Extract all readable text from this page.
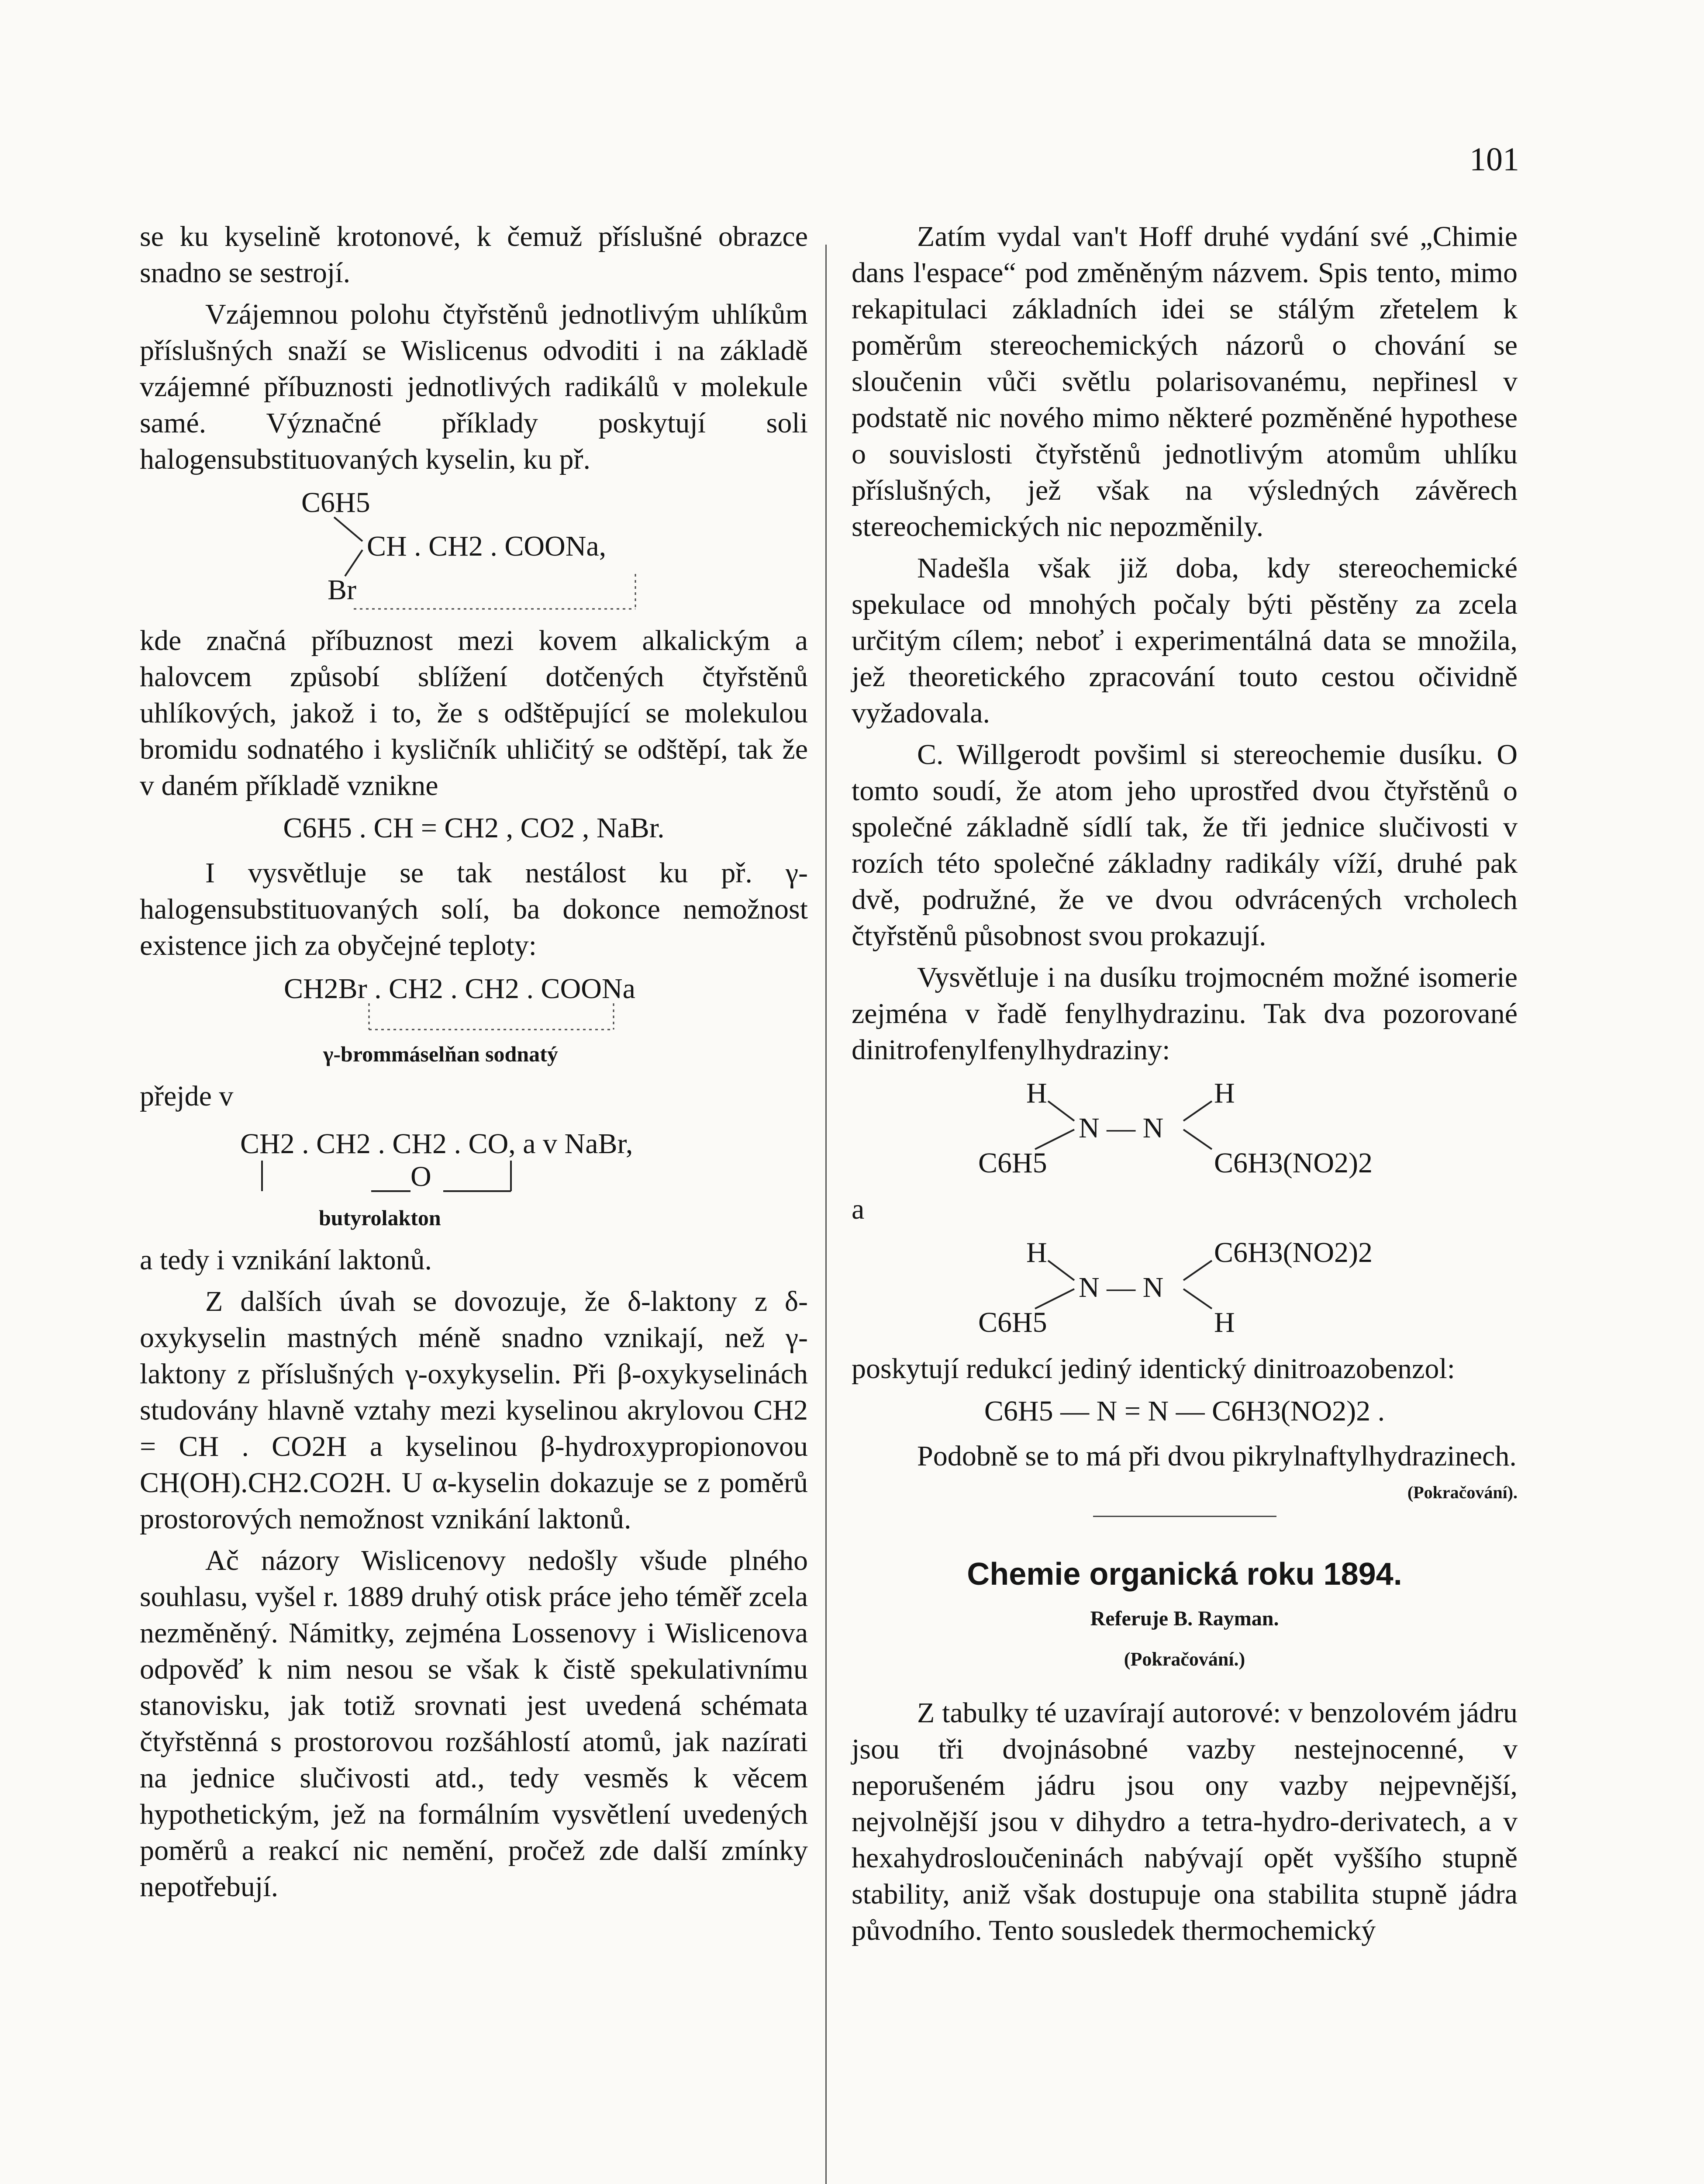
101

se ku kyselině krotonové, k čemuž příslušné obrazce snadno se sestrojí.

Vzájemnou polohu čtyřstěnů jednotlivým uhlíkům příslušných snaží se Wislicenus odvoditi i na základě vzájemné příbuznosti jednotlivých radikálů v molekule samé. Význačné příklady poskytují soli halogensubstituovaných kyselin, ku př.

C6H5
CH . CH2 . COONa,
Br

kde značná příbuznost mezi kovem alkalickým a halovcem způsobí sblížení dotčených čtyřstěnů uhlíkových, jakož i to, že s odštěpující se molekulou bromidu sodnatého i kysličník uhličitý se odštěpí, tak že v daném příkladě vznikne

C6H5 . CH = CH2 , CO2 , NaBr.

I vysvětluje se tak nestálost ku př. γ-halogensubstituovaných solí, ba dokonce nemožnost existence jich za obyčejné teploty:

CH2Br . CH2 . CH2 . COONa
γ-brommáselňan sodnatý

přejde v

CH2 . CH2 . CH2 . CO, a v NaBr,
O
butyrolakton

a tedy i vznikání laktonů.

Z dalších úvah se dovozuje, že δ-laktony z δ-oxykyselin mastných méně snadno vznikají, než γ-laktony z příslušných γ-oxykyselin. Při β-oxykyselinách studovány hlavně vztahy mezi kyselinou akrylovou CH2 = CH . CO2H a kyselinou β-hydroxypropionovou CH(OH).CH2.CO2H. U α-kyselin dokazuje se z poměrů prostorových nemožnost vznikání laktonů.

Ač názory Wislicenovy nedošly všude plného souhlasu, vyšel r. 1889 druhý otisk práce jeho téměř zcela nezměněný. Námitky, zejména Lossenovy i Wislicenova odpověď k nim nesou se však k čistě spekulativnímu stanovisku, jak totiž srovnati jest uvedená schémata čtyřstěnná s prostorovou rozšáhlostí atomů, jak nazírati na jednice slučivosti atd., tedy vesměs k věcem hypothetickým, jež na formálním vysvětlení uvedených poměrů a reakcí nic nemění, pročež zde další zmínky nepotřebují.

Zatím vydal van't Hoff druhé vydání své „Chimie dans l'espace“ pod změněným názvem. Spis tento, mimo rekapitulaci základních idei se stálým zřetelem k poměrům stereochemických názorů o chování se sloučenin vůči světlu polarisovanému, nepřinesl v podstatě nic nového mimo některé pozměněné hypothese o souvislosti čtyřstěnů jednotlivým atomům uhlíku příslušných, jež však na výsledných závěrech stereochemických nic nepozměnily.

Nadešla však již doba, kdy stereochemické spekulace od mnohých počaly býti pěstěny za zcela určitým cílem; neboť i experimentálná data se množila, jež theoretického zpracování touto cestou očividně vyžadovala.

C. Willgerodt povšiml si stereochemie dusíku. O tomto soudí, že atom jeho uprostřed dvou čtyřstěnů o společné základně sídlí tak, že tři jednice slučivosti v rozích této společné základny radikály víží, druhé pak dvě, podružné, že ve dvou odvrácených vrcholech čtyřstěnů působnost svou prokazují.

Vysvětluje i na dusíku trojmocném možné isomerie zejména v řadě fenylhydrazinu. Tak dva pozorované dinitrofenylfenylhydraziny:

H	H
N — N
C6H5	C6H3(NO2)2

a

H	C6H3(NO2)2
N — N
C6H5	H

poskytují redukcí jediný identický dinitroazobenzol:

C6H5 — N = N — C6H3(NO2)2 .

Podobně se to má při dvou pikrylnaftylhydrazinech.
(Pokračování).

Chemie organická roku 1894.
Referuje B. Rayman.
(Pokračování.)

Z tabulky té uzavírají autorové: v benzolovém jádru jsou tři dvojnásobné vazby nestejnocenné, v neporušeném jádru jsou ony vazby nejpevnější, nejvolnější jsou v dihydro a tetra-hydro-derivatech, a v hexahydrosloučeninách nabývají opět vyššího stupně stability, aniž však dostupuje ona stabilita stupně jádra původního. Tento sousledek thermochemický
